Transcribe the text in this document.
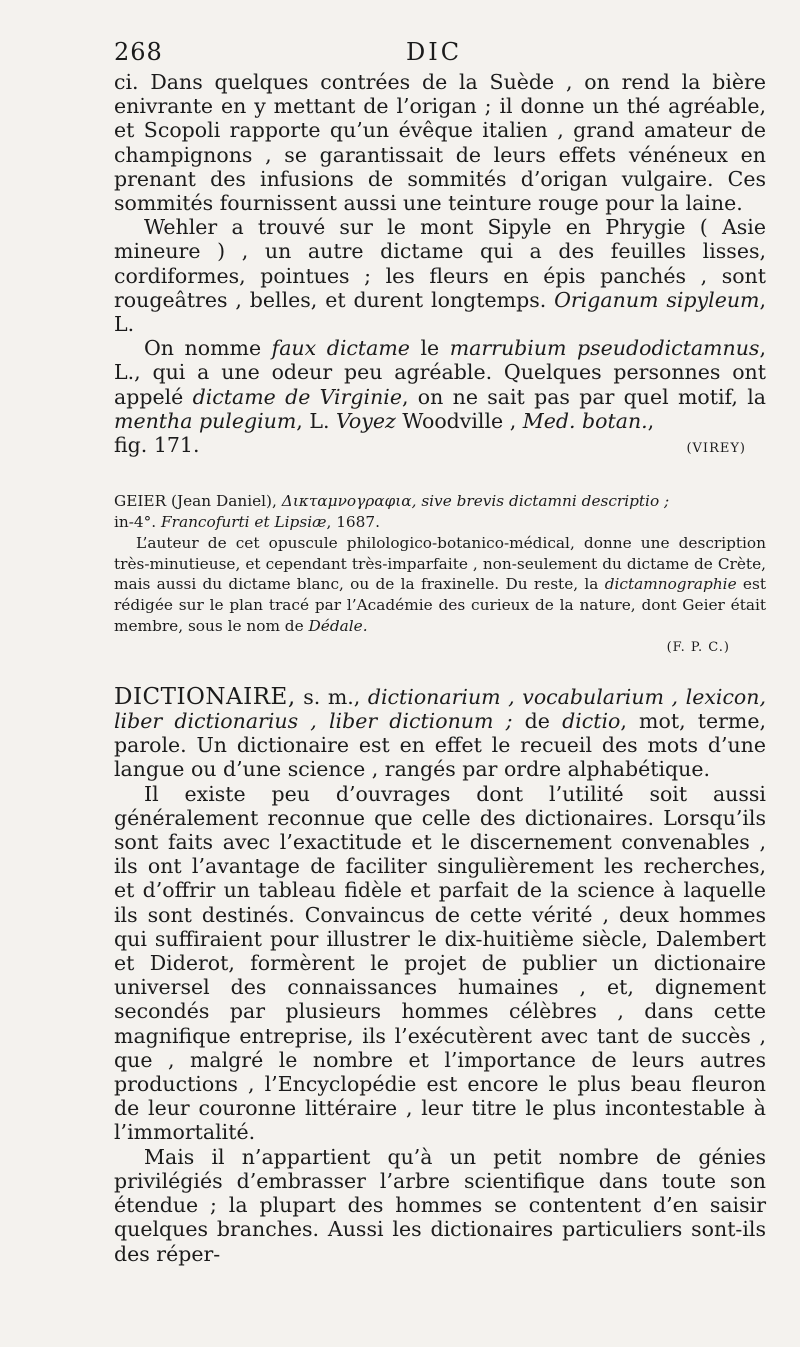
268	DIC

ci. Dans quelques contrées de la Suède , on rend la bière enivrante en y mettant de l’origan ; il donne un thé agréable, et Scopoli rapporte qu’un évêque italien , grand amateur de champignons , se garantissait de leurs effets vénéneux en prenant des infusions de sommités d’origan vulgaire. Ces sommités fournissent aussi une teinture rouge pour la laine.

Wehler a trouvé sur le mont Sipyle en Phrygie ( Asie mineure ) , un autre dictame qui a des feuilles lisses, cordiformes, pointues ; les fleurs en épis panchés , sont rougeâtres , belles, et durent longtemps. Origanum sipyleum, L.

On nomme faux dictame le marrubium pseudodictamnus, L., qui a une odeur peu agréable. Quelques personnes ont appelé dictame de Virginie, on ne sait pas par quel motif, la mentha pulegium, L. Voyez Woodville , Med. botan.,

fig. 171.	(VIREY)

GEIER (Jean Daniel), Δικταμνογραφια, sive brevis dictamni descriptio ;
in-4°. Francofurti et Lipsiæ, 1687.

L’auteur de cet opuscule philologico-botanico-médical, donne une description très-minutieuse, et cependant très-imparfaite , non-seulement du dictame de Crète, mais aussi du dictame blanc, ou de la fraxinelle. Du reste, la dictamnographie est rédigée sur le plan tracé par l’Académie des curieux de la nature, dont Geier était membre, sous le nom de Dédale.

(F. P. C.)

DICTIONAIRE, s. m., dictionarium , vocabularium , lexicon, liber dictionarius , liber dictionum ; de dictio, mot, terme, parole. Un dictionaire est en effet le recueil des mots d’une langue ou d’une science , rangés par ordre alphabétique.

Il existe peu d’ouvrages dont l’utilité soit aussi généralement reconnue que celle des dictionaires. Lorsqu’ils sont faits avec l’exactitude et le discernement convenables , ils ont l’avantage de faciliter singulièrement les recherches, et d’offrir un tableau fidèle et parfait de la science à laquelle ils sont destinés. Convaincus de cette vérité , deux hommes qui suffiraient pour illustrer le dix-huitième siècle, Dalembert et Diderot, formèrent le projet de publier un dictionaire universel des connaissances humaines , et, dignement secondés par plusieurs hommes célèbres , dans cette magnifique entreprise, ils l’exécutèrent avec tant de succès , que , malgré le nombre et l’importance de leurs autres productions , l’Encyclopédie est encore le plus beau fleuron de leur couronne littéraire , leur titre le plus incontestable à l’immortalité.

Mais il n’appartient qu’à un petit nombre de génies privilégiés d’embrasser l’arbre scientifique dans toute son étendue ; la plupart des hommes se contentent d’en saisir quelques branches. Aussi les dictionaires particuliers sont-ils des réper-
